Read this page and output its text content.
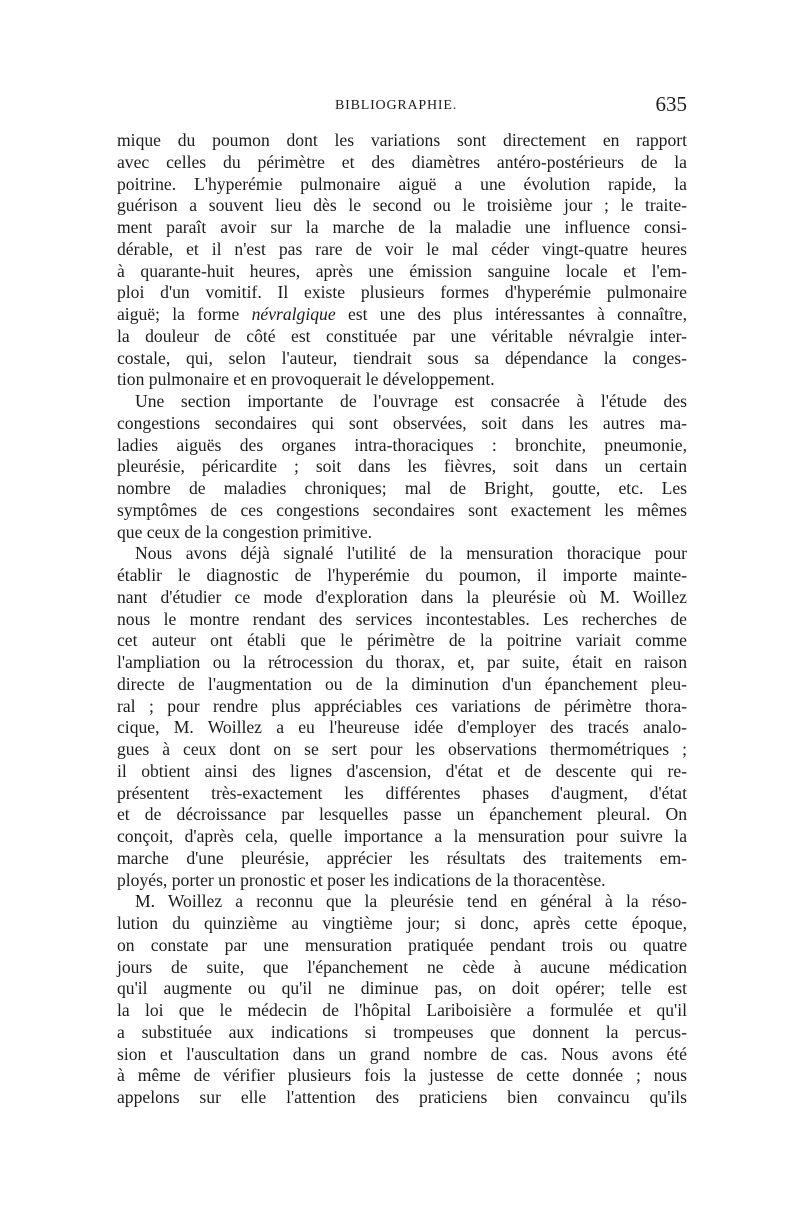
BIBLIOGRAPHIE.	635
mique du poumon dont les variations sont directement en rapport
avec celles du périmètre et des diamètres antéro-postérieurs de la
poitrine. L'hyperémie pulmonaire aiguë a une évolution rapide, la
guérison a souvent lieu dès le second ou le troisième jour ; le traite-
ment paraît avoir sur la marche de la maladie une influence consi-
dérable, et il n'est pas rare de voir le mal céder vingt-quatre heures
à quarante-huit heures, après une émission sanguine locale et l'em-
ploi d'un vomitif. Il existe plusieurs formes d'hyperémie pulmonaire
aiguë; la forme névralgique est une des plus intéressantes à connaître,
la douleur de côté est constituée par une véritable névralgie inter-
costale, qui, selon l'auteur, tiendrait sous sa dépendance la conges-
tion pulmonaire et en provoquerait le développement.
Une section importante de l'ouvrage est consacrée à l'étude des
congestions secondaires qui sont observées, soit dans les autres ma-
ladies aiguës des organes intra-thoraciques : bronchite, pneumonie,
pleurésie, péricardite ; soit dans les fièvres, soit dans un certain
nombre de maladies chroniques; mal de Bright, goutte, etc. Les
symptômes de ces congestions secondaires sont exactement les mêmes
que ceux de la congestion primitive.
Nous avons déjà signalé l'utilité de la mensuration thoracique pour
établir le diagnostic de l'hyperémie du poumon, il importe mainte-
nant d'étudier ce mode d'exploration dans la pleurésie où M. Woillez
nous le montre rendant des services incontestables. Les recherches de
cet auteur ont établi que le périmètre de la poitrine variait comme
l'ampliation ou la rétrocession du thorax, et, par suite, était en raison
directe de l'augmentation ou de la diminution d'un épanchement pleu-
ral ; pour rendre plus appréciables ces variations de périmètre thora-
cique, M. Woillez a eu l'heureuse idée d'employer des tracés analo-
gues à ceux dont on se sert pour les observations thermométriques ;
il obtient ainsi des lignes d'ascension, d'état et de descente qui re-
présentent très-exactement les différentes phases d'augment, d'état
et de décroissance par lesquelles passe un épanchement pleural. On
conçoit, d'après cela, quelle importance a la mensuration pour suivre la
marche d'une pleurésie, apprécier les résultats des traitements em-
ployés, porter un pronostic et poser les indications de la thoracentèse.
M. Woillez a reconnu que la pleurésie tend en général à la réso-
lution du quinzième au vingtième jour; si donc, après cette époque,
on constate par une mensuration pratiquée pendant trois ou quatre
jours de suite, que l'épanchement ne cède à aucune médication
qu'il augmente ou qu'il ne diminue pas, on doit opérer; telle est
la loi que le médecin de l'hôpital Lariboisière a formulée et qu'il
a substituée aux indications si trompeuses que donnent la percus-
sion et l'auscultation dans un grand nombre de cas. Nous avons été
à même de vérifier plusieurs fois la justesse de cette donnée ; nous
appelons sur elle l'attention des praticiens bien convaincu qu'ils
